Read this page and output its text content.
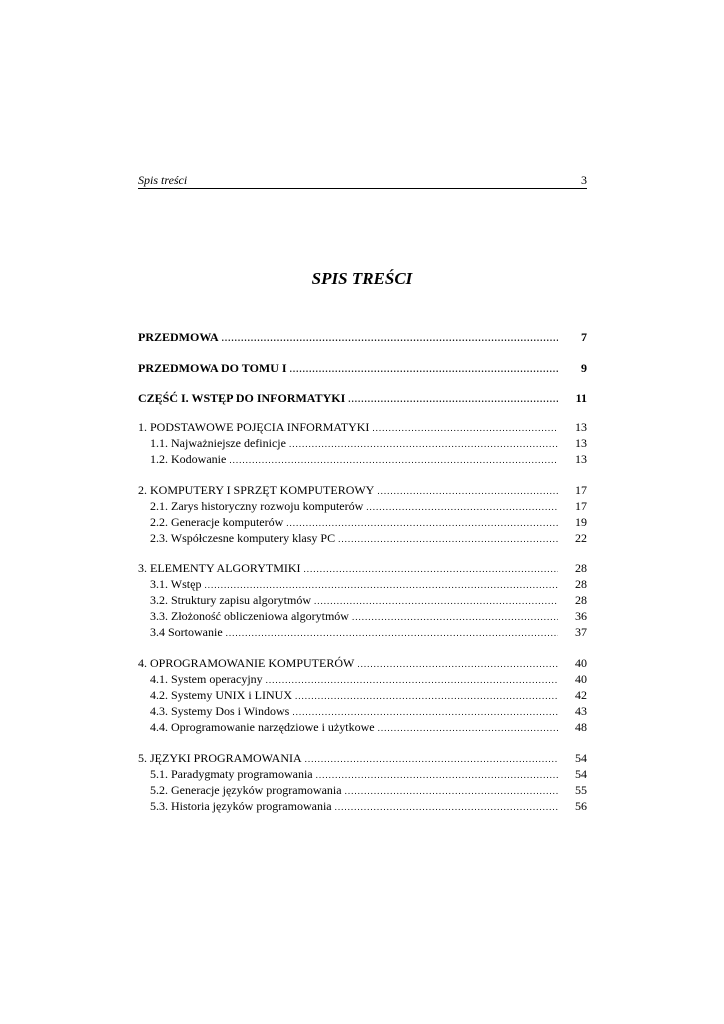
Spis treści	3
SPIS TREŚCI
PRZEDMOWA .....	7
PRZEDMOWA DO TOMU I .....	9
CZĘŚĆ I. WSTĘP DO INFORMATYKI .....	11
1. PODSTAWOWE POJĘCIA INFORMATYKI .....	13
1.1. Najważniejsze definicje .....	13
1.2. Kodowanie .....	13
2. KOMPUTERY I SPRZĘT KOMPUTEROWY .....	17
2.1. Zarys historyczny rozwoju komputerów .....	17
2.2. Generacje komputerów .....	19
2.3. Współczesne komputery klasy PC .....	22
3. ELEMENTY ALGORYTMIKI .....	28
3.1. Wstęp .....	28
3.2. Struktury zapisu algorytmów .....	28
3.3. Złożoność obliczeniowa algorytmów .....	36
3.4 Sortowanie .....	37
4. OPROGRAMOWANIE KOMPUTERÓW .....	40
4.1. System operacyjny .....	40
4.2. Systemy UNIX i LINUX .....	42
4.3. Systemy Dos i Windows .....	43
4.4. Oprogramowanie narzędziowe i użytkowe .....	48
5. JĘZYKI PROGRAMOWANIA .....	54
5.1. Paradygmaty programowania .....	54
5.2. Generacje języków programowania .....	55
5.3. Historia języków programowania .....	56
